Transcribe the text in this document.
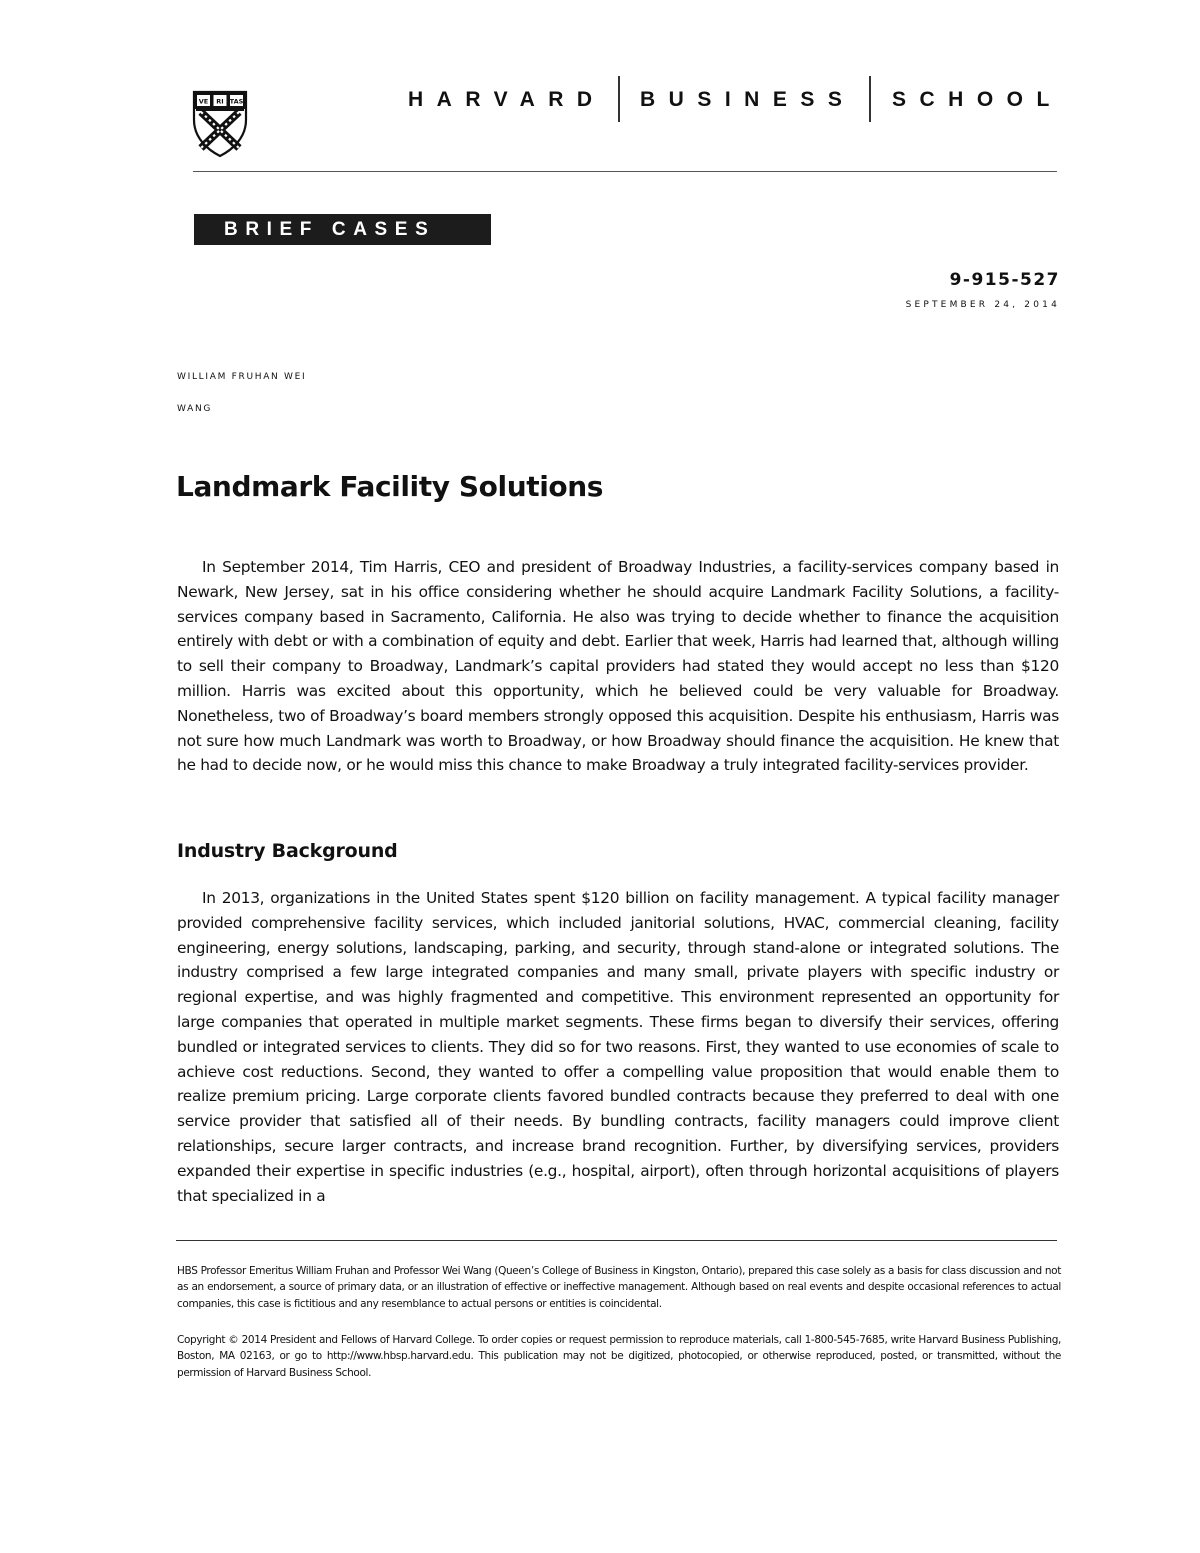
VE RI TAS	HARVARD BUSINESS SCHOOL
BRIEF CASES
9-915-527
SEPTEMBER 24, 2014
WILLIAM FRUHAN WEI
WANG
Landmark Facility Solutions
In September 2014, Tim Harris, CEO and president of Broadway Industries, a facility-services company based in Newark, New Jersey, sat in his office considering whether he should acquire Landmark Facility Solutions, a facility-services company based in Sacramento, California. He also was trying to decide whether to finance the acquisition entirely with debt or with a combination of equity and debt. Earlier that week, Harris had learned that, although willing to sell their company to Broadway, Landmark’s capital providers had stated they would accept no less than $120 million. Harris was excited about this opportunity, which he believed could be very valuable for Broadway. Nonetheless, two of Broadway’s board members strongly opposed this acquisition. Despite his enthusiasm, Harris was not sure how much Landmark was worth to Broadway, or how Broadway should finance the acquisition. He knew that he had to decide now, or he would miss this chance to make Broadway a truly integrated facility-services provider.
Industry Background
In 2013, organizations in the United States spent $120 billion on facility management. A typical facility manager provided comprehensive facility services, which included janitorial solutions, HVAC, commercial cleaning, facility engineering, energy solutions, landscaping, parking, and security, through stand-alone or integrated solutions. The industry comprised a few large integrated companies and many small, private players with specific industry or regional expertise, and was highly fragmented and competitive. This environment represented an opportunity for large companies that operated in multiple market segments. These firms began to diversify their services, offering bundled or integrated services to clients. They did so for two reasons. First, they wanted to use economies of scale to achieve cost reductions. Second, they wanted to offer a compelling value proposition that would enable them to realize premium pricing. Large corporate clients favored bundled contracts because they preferred to deal with one service provider that satisfied all of their needs. By bundling contracts, facility managers could improve client relationships, secure larger contracts, and increase brand recognition. Further, by diversifying services, providers expanded their expertise in specific industries (e.g., hospital, airport), often through horizontal acquisitions of players that specialized in a
HBS Professor Emeritus William Fruhan and Professor Wei Wang (Queen’s College of Business in Kingston, Ontario), prepared this case solely as a basis for class discussion and not as an endorsement, a source of primary data, or an illustration of effective or ineffective management. Although based on real events and despite occasional references to actual companies, this case is fictitious and any resemblance to actual persons or entities is coincidental.
Copyright © 2014 President and Fellows of Harvard College. To order copies or request permission to reproduce materials, call 1-800-545-7685, write Harvard Business Publishing, Boston, MA 02163, or go to http://www.hbsp.harvard.edu. This publication may not be digitized, photocopied, or otherwise reproduced, posted, or transmitted, without the permission of Harvard Business School.
